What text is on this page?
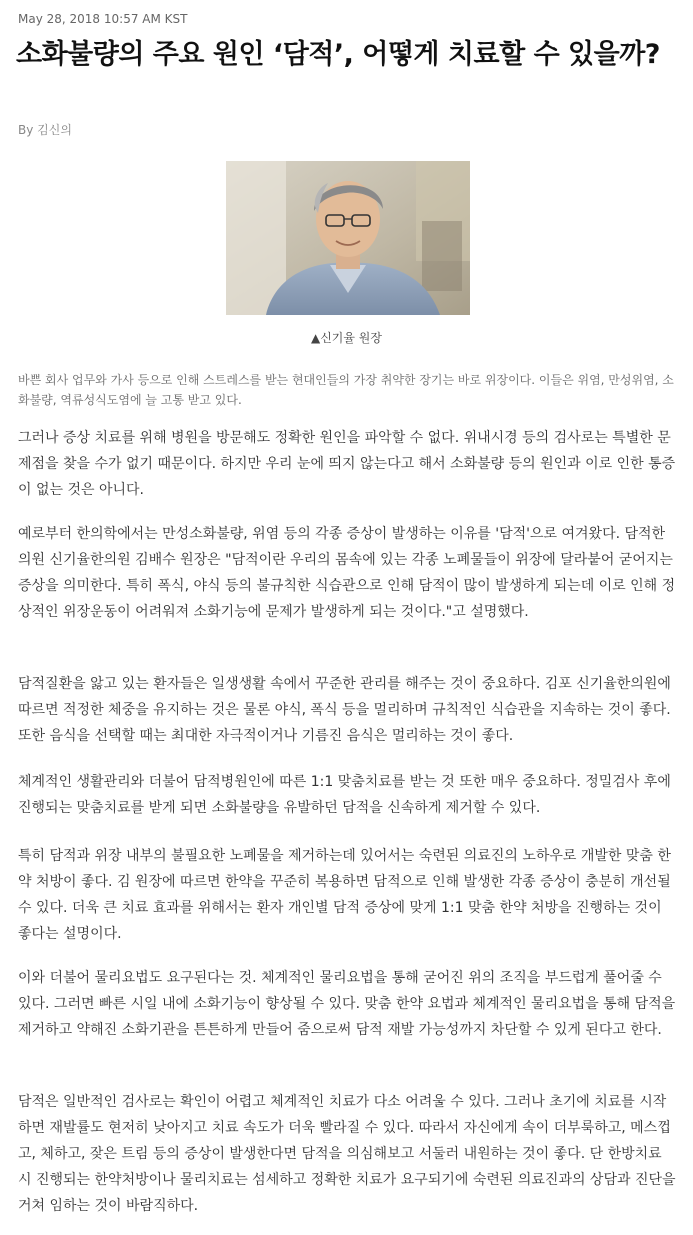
May 28, 2018 10:57 AM KST
소화불량의 주요 원인 ‘담적’, 어떻게 치료할 수 있을까?
By 김신의
▲신기율 원장

바쁜 회사 업무와 가사 등으로 인해 스트레스를 받는 현대인들의 가장 취약한 장기는 바로 위장이다. 이들은 위염, 만성위염, 소화불량, 역류성식도염에 늘 고통 받고 있다.

그러나 증상 치료를 위해 병원을 방문해도 정확한 원인을 파악할 수 없다. 위내시경 등의 검사로는 특별한 문제점을 찾을 수가 없기 때문이다. 하지만 우리 눈에 띄지 않는다고 해서 소화불량 등의 원인과 이로 인한 통증이 없는 것은 아니다.

예로부터 한의학에서는 만성소화불량, 위염 등의 각종 증상이 발생하는 이유를 '담적'으로 여겨왔다. 담적한의원 신기율한의원 김배수 원장은 "담적이란 우리의 몸속에 있는 각종 노폐물들이 위장에 달라붙어 굳어지는 증상을 의미한다. 특히 폭식, 야식 등의 불규칙한 식습관으로 인해 담적이 많이 발생하게 되는데 이로 인해 정상적인 위장운동이 어려워져 소화기능에 문제가 발생하게 되는 것이다."고 설명했다.

담적질환을 앓고 있는 환자들은 일생생활 속에서 꾸준한 관리를 해주는 것이 중요하다. 김포 신기율한의원에 따르면 적정한 체중을 유지하는 것은 물론 야식, 폭식 등을 멀리하며 규칙적인 식습관을 지속하는 것이 좋다. 또한 음식을 선택할 때는 최대한 자극적이거나 기름진 음식은 멀리하는 것이 좋다.

체계적인 생활관리와 더불어 담적병원인에 따른 1:1 맞춤치료를 받는 것 또한 매우 중요하다. 정밀검사 후에 진행되는 맞춤치료를 받게 되면 소화불량을 유발하던 담적을 신속하게 제거할 수 있다.

특히 담적과 위장 내부의 불필요한 노폐물을 제거하는데 있어서는 숙련된 의료진의 노하우로 개발한 맞춤 한약 처방이 좋다. 김 원장에 따르면 한약을 꾸준히 복용하면 담적으로 인해 발생한 각종 증상이 충분히 개선될 수 있다. 더욱 큰 치료 효과를 위해서는 환자 개인별 담적 증상에 맞게 1:1 맞춤 한약 처방을 진행하는 것이 좋다는 설명이다.

이와 더불어 물리요법도 요구된다는 것. 체계적인 물리요법을 통해 굳어진 위의 조직을 부드럽게 풀어줄 수 있다. 그러면 빠른 시일 내에 소화기능이 향상될 수 있다. 맞춤 한약 요법과 체계적인 물리요법을 통해 담적을 제거하고 약해진 소화기관을 튼튼하게 만들어 줌으로써 담적 재발 가능성까지 차단할 수 있게 된다고 한다.

담적은 일반적인 검사로는 확인이 어렵고 체계적인 치료가 다소 어려울 수 있다. 그러나 초기에 치료를 시작하면 재발률도 현저히 낮아지고 치료 속도가 더욱 빨라질 수 있다. 따라서 자신에게 속이 더부룩하고, 메스껍고, 체하고, 잦은 트림 등의 증상이 발생한다면 담적을 의심해보고 서둘러 내원하는 것이 좋다. 단 한방치료 시 진행되는 한약처방이나 물리치료는 섬세하고 정확한 치료가 요구되기에 숙련된 의료진과의 상담과 진단을 거쳐 임하는 것이 바람직하다.
